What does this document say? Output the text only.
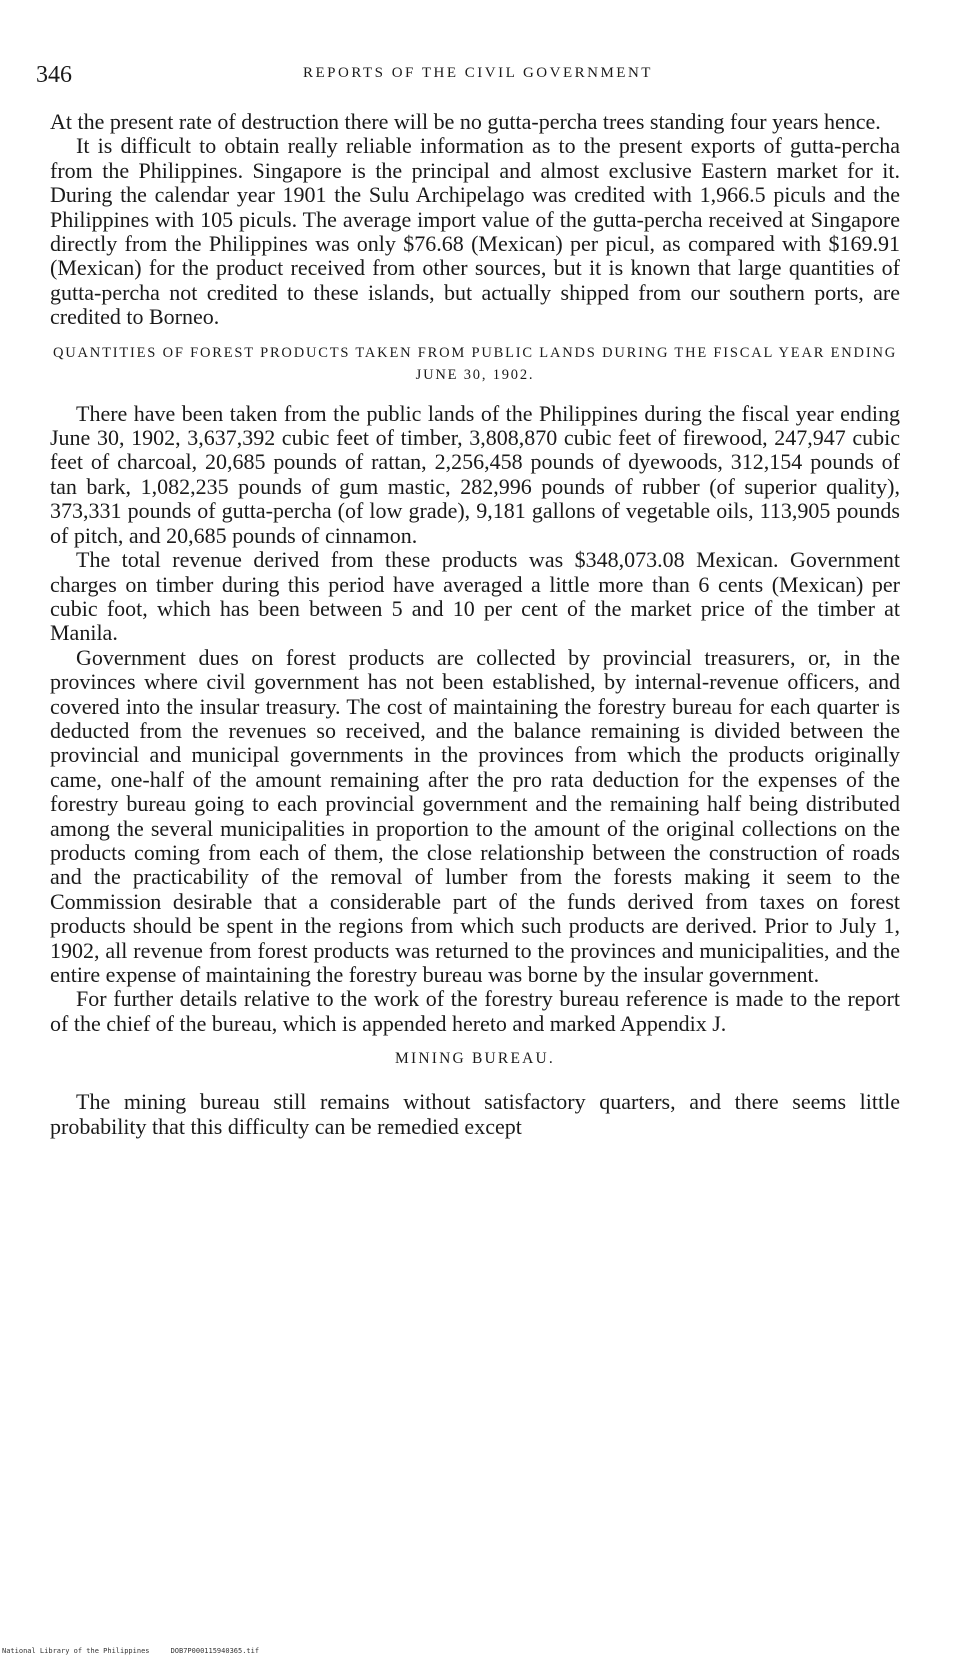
346	REPORTS OF THE CIVIL GOVERNMENT

At the present rate of destruction there will be no gutta-percha trees standing four years hence.

It is difficult to obtain really reliable information as to the present exports of gutta-percha from the Philippines. Singapore is the principal and almost exclusive Eastern market for it. During the calendar year 1901 the Sulu Archipelago was credited with 1,966.5 piculs and the Philippines with 105 piculs. The average import value of the gutta-percha received at Singapore directly from the Philippines was only $76.68 (Mexican) per picul, as compared with $169.91 (Mexican) for the product received from other sources, but it is known that large quantities of gutta-percha not credited to these islands, but actually shipped from our southern ports, are credited to Borneo.

QUANTITIES OF FOREST PRODUCTS TAKEN FROM PUBLIC LANDS DURING THE FISCAL YEAR ENDING JUNE 30, 1902.

There have been taken from the public lands of the Philippines during the fiscal year ending June 30, 1902, 3,637,392 cubic feet of timber, 3,808,870 cubic feet of firewood, 247,947 cubic feet of charcoal, 20,685 pounds of rattan, 2,256,458 pounds of dyewoods, 312,154 pounds of tan bark, 1,082,235 pounds of gum mastic, 282,996 pounds of rubber (of superior quality), 373,331 pounds of gutta-percha (of low grade), 9,181 gallons of vegetable oils, 113,905 pounds of pitch, and 20,685 pounds of cinnamon.

The total revenue derived from these products was $348,073.08 Mexican. Government charges on timber during this period have averaged a little more than 6 cents (Mexican) per cubic foot, which has been between 5 and 10 per cent of the market price of the timber at Manila.

Government dues on forest products are collected by provincial treasurers, or, in the provinces where civil government has not been established, by internal-revenue officers, and covered into the insular treasury. The cost of maintaining the forestry bureau for each quarter is deducted from the revenues so received, and the balance remaining is divided between the provincial and municipal governments in the provinces from which the products originally came, one-half of the amount remaining after the pro rata deduction for the expenses of the forestry bureau going to each provincial government and the remaining half being distributed among the several municipalities in proportion to the amount of the original collections on the products coming from each of them, the close relationship between the construction of roads and the practicability of the removal of lumber from the forests making it seem to the Commission desirable that a considerable part of the funds derived from taxes on forest products should be spent in the regions from which such products are derived. Prior to July 1, 1902, all revenue from forest products was returned to the provinces and municipalities, and the entire expense of maintaining the forestry bureau was borne by the insular government.

For further details relative to the work of the forestry bureau reference is made to the report of the chief of the bureau, which is appended hereto and marked Appendix J.

MINING BUREAU.

The mining bureau still remains without satisfactory quarters, and there seems little probability that this difficulty can be remedied except

National Library of the Philippines     DOB7P000115940365.tif
